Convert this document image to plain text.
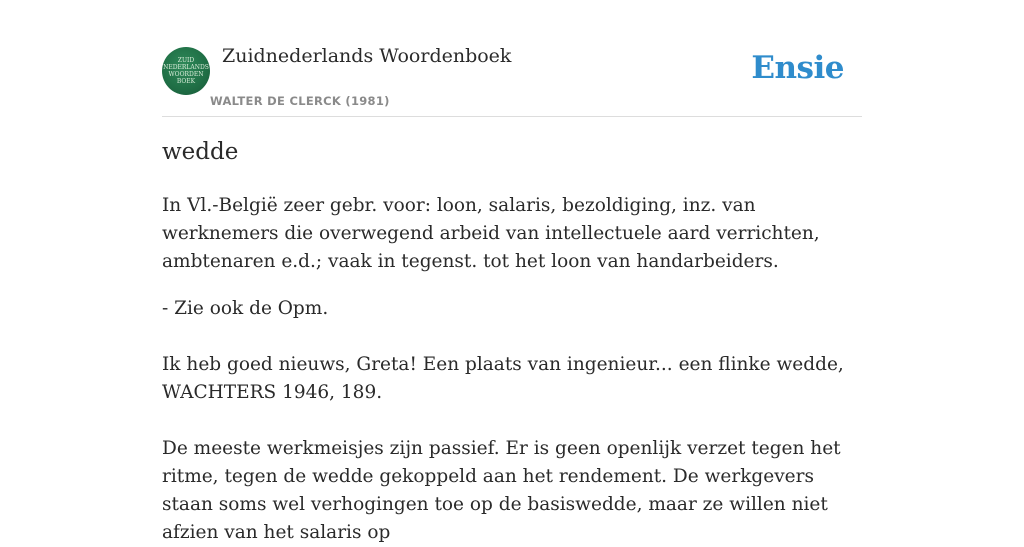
ZUID
NEDERLANDS
WOORDEN
BOEK
Zuidnederlands Woordenboek
WALTER DE CLERCK (1981)
Ensie
wedde

In Vl.-België zeer gebr. voor: loon, salaris, bezoldiging, inz. van werknemers die overwegend arbeid van intellectuele aard verrichten, ambtenaren e.d.; vaak in tegenst. tot het loon van handarbeiders.

- Zie ook de Opm.

Ik heb goed nieuws, Greta! Een plaats van ingenieur... een flinke wedde, WACHTERS 1946, 189.

De meeste werkmeisjes zijn passief. Er is geen openlijk verzet tegen het ritme, tegen de wedde gekoppeld aan het rendement. De werkgevers staan soms wel verhogingen toe op de basiswedde, maar ze willen niet afzien van het salaris op
